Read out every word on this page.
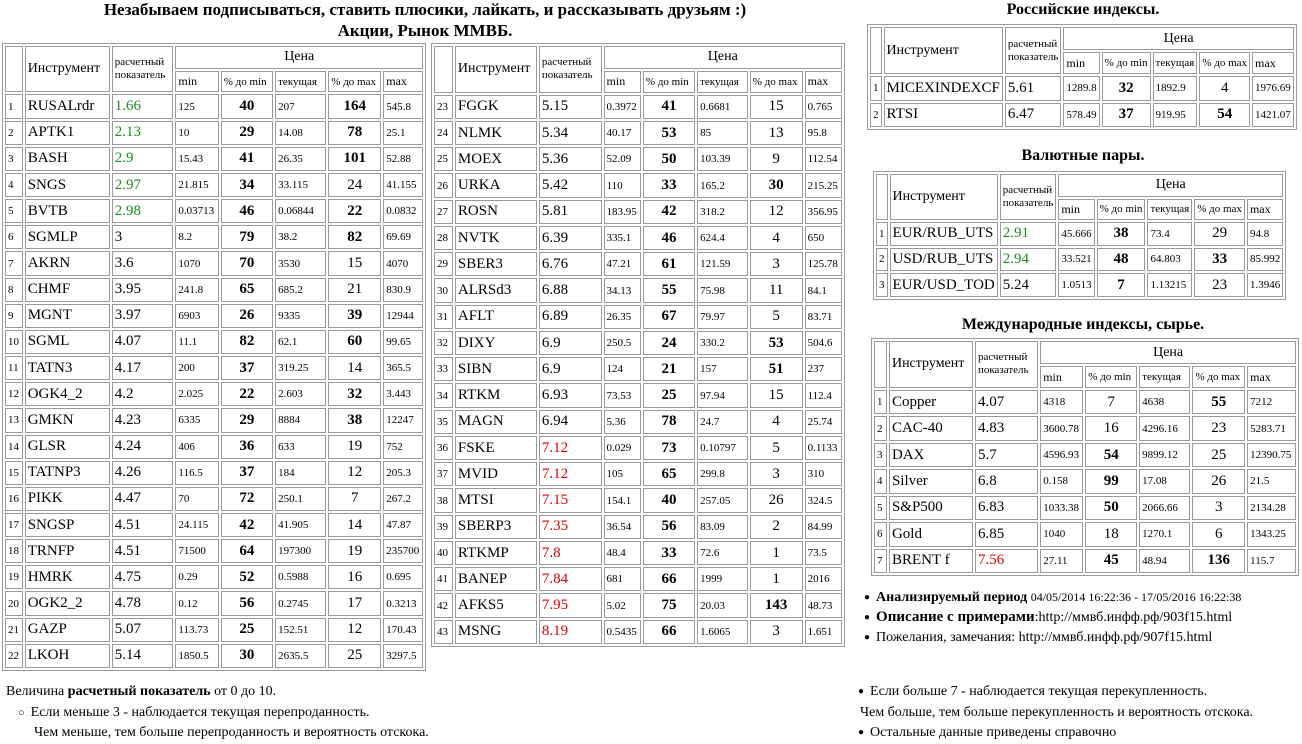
Незабываем подписываться, ставить плюсики, лайкать, и рассказывать друзьям :)
Акции, Рынок ММВБ.
	Инструмент	расчетный показатель	Цена				
			min	% до min	текущая	% до max	max
1	RUSALrdr	1.66	125	40	207	164	545.8
2	APTK1	2.13	10	29	14.08	78	25.1
3	BASH	2.9	15.43	41	26.35	101	52.88
4	SNGS	2.97	21.815	34	33.115	24	41.155
5	BVTB	2.98	0.03713	46	0.06844	22	0.0832
6	SGMLP	3	8.2	79	38.2	82	69.69
7	AKRN	3.6	1070	70	3530	15	4070
8	CHMF	3.95	241.8	65	685.2	21	830.9
9	MGNT	3.97	6903	26	9335	39	12944
10	SGML	4.07	11.1	82	62.1	60	99.65
11	TATN3	4.17	200	37	319.25	14	365.5
12	OGK4_2	4.2	2.025	22	2.603	32	3.443
13	GMKN	4.23	6335	29	8884	38	12247
14	GLSR	4.24	406	36	633	19	752
15	TATNP3	4.26	116.5	37	184	12	205.3
16	PIKK	4.47	70	72	250.1	7	267.2
17	SNGSP	4.51	24.115	42	41.905	14	47.87
18	TRNFP	4.51	71500	64	197300	19	235700
19	HMRK	4.75	0.29	52	0.5988	16	0.695
20	OGK2_2	4.78	0.12	56	0.2745	17	0.3213
21	GAZP	5.07	113.73	25	152.51	12	170.43
22	LKOH	5.14	1850.5	30	2635.5	25	3297.5
	Инструмент	расчетный показатель	Цена				
			min	% до min	текущая	% до max	max
23	FGGK	5.15	0.3972	41	0.6681	15	0.765
24	NLMK	5.34	40.17	53	85	13	95.8
25	MOEX	5.36	52.09	50	103.39	9	112.54
26	URKA	5.42	110	33	165.2	30	215.25
27	ROSN	5.81	183.95	42	318.2	12	356.95
28	NVTK	6.39	335.1	46	624.4	4	650
29	SBER3	6.76	47.21	61	121.59	3	125.78
30	ALRSd3	6.88	34.13	55	75.98	11	84.1
31	AFLT	6.89	26.35	67	79.97	5	83.71
32	DIXY	6.9	250.5	24	330.2	53	504.6
33	SIBN	6.9	124	21	157	51	237
34	RTKM	6.93	73.53	25	97.94	15	112.4
35	MAGN	6.94	5.36	78	24.7	4	25.74
36	FSKE	7.12	0.029	73	0.10797	5	0.1133
37	MVID	7.12	105	65	299.8	3	310
38	MTSI	7.15	154.1	40	257.05	26	324.5
39	SBERP3	7.35	36.54	56	83.09	2	84.99
40	RTKMP	7.8	48.4	33	72.6	1	73.5
41	BANEP	7.84	681	66	1999	1	2016
42	AFKS5	7.95	5.02	75	20.03	143	48.73
43	MSNG	8.19	0.5435	66	1.6065	3	1.651
Российские индексы.
	Инструмент	расчетный показатель	Цена				
			min	% до min	текущая	% до max	max
1	MICEXINDEXCF	5.61	1289.8	32	1892.9	4	1976.69
2	RTSI	6.47	578.49	37	919.95	54	1421.07
Валютные пары.
	Инструмент	расчетный показатель	Цена				
			min	% до min	текущая	% до max	max
1	EUR/RUB_UTS	2.91	45.666	38	73.4	29	94.8
2	USD/RUB_UTS	2.94	33.521	48	64.803	33	85.992
3	EUR/USD_TOD	5.24	1.0513	7	1.13215	23	1.3946
Международные индексы, сырье.
	Инструмент	расчетный показатель	Цена				
			min	% до min	текущая	% до max	max
1	Copper	4.07	4318	7	4638	55	7212
2	CAC-40	4.83	3600.78	16	4296.16	23	5283.71
3	DAX	5.7	4596.93	54	9899.12	25	12390.75
4	Silver	6.8	0.158	99	17.08	26	21.5
5	S&P500	6.83	1033.38	50	2066.66	3	2134.28
6	Gold	6.85	1040	18	1270.1	6	1343.25
7	BRENT f	7.56	27.11	45	48.94	136	115.7
● Анализируемый период 04/05/2014 16:22:36 - 17/05/2016 16:22:38
● Описание с примерами:http://ммвб.инфф.рф/903f15.html
● Пожелания, замечания: http://ммвб.инфф.рф/907f15.html
Величина расчетный показатель от 0 до 10.
○ Если меньше 3 - наблюдается текущая перепроданность.
Чем меньше, тем больше перепроданность и вероятность отскока.
● Если больше 7 - наблюдается текущая перекупленность.
Чем больше, тем больше перекупленность и вероятность отскока.
● Остальные данные приведены справочно
